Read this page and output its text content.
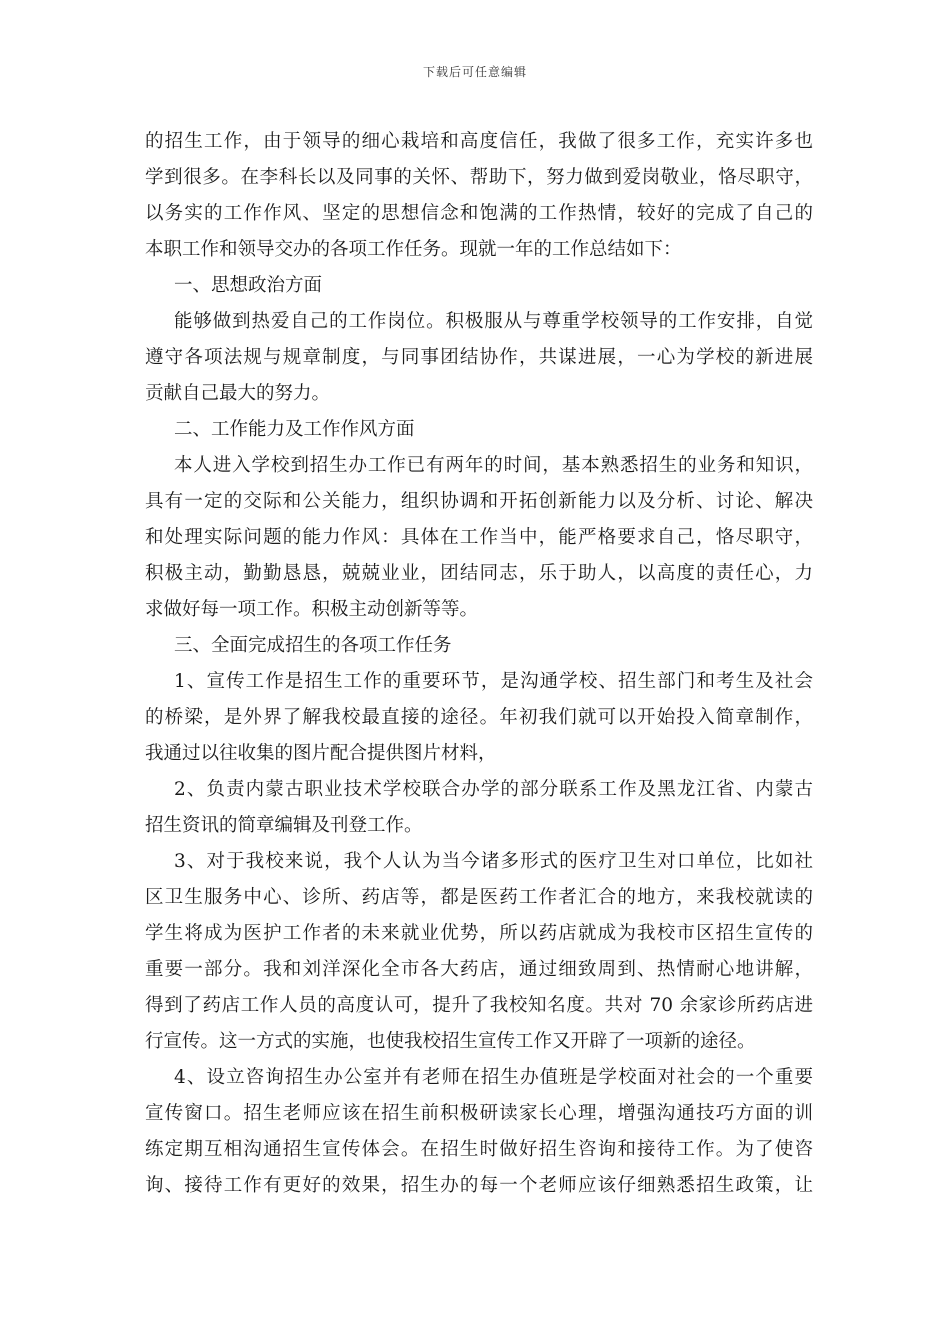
下载后可任意编辑
的招生工作，由于领导的细心栽培和高度信任，我做了很多工作，充实许多也
学到很多。在李科长以及同事的关怀、帮助下，努力做到爱岗敬业，恪尽职守，
以务实的工作作风、坚定的思想信念和饱满的工作热情，较好的完成了自己的
本职工作和领导交办的各项工作任务。现就一年的工作总结如下：
一、思想政治方面
能够做到热爱自己的工作岗位。积极服从与尊重学校领导的工作安排，自觉
遵守各项法规与规章制度，与同事团结协作，共谋进展，一心为学校的新进展
贡献自己最大的努力。
二、工作能力及工作作风方面
本人进入学校到招生办工作已有两年的时间，基本熟悉招生的业务和知识，
具有一定的交际和公关能力，组织协调和开拓创新能力以及分析、讨论、解决
和处理实际问题的能力作风：具体在工作当中，能严格要求自己，恪尽职守，
积极主动，勤勤恳恳，兢兢业业，团结同志，乐于助人，以高度的责任心，力
求做好每一项工作。积极主动创新等等。
三、全面完成招生的各项工作任务
1、宣传工作是招生工作的重要环节，是沟通学校、招生部门和考生及社会
的桥梁，是外界了解我校最直接的途径。年初我们就可以开始投入简章制作，
我通过以往收集的图片配合提供图片材料，
2、负责内蒙古职业技术学校联合办学的部分联系工作及黑龙江省、内蒙古
招生资讯的简章编辑及刊登工作。
3、对于我校来说，我个人认为当今诸多形式的医疗卫生对口单位，比如社
区卫生服务中心、诊所、药店等，都是医药工作者汇合的地方，来我校就读的
学生将成为医护工作者的未来就业优势，所以药店就成为我校市区招生宣传的
重要一部分。我和刘洋深化全市各大药店，通过细致周到、热情耐心地讲解，
得到了药店工作人员的高度认可，提升了我校知名度。共对 70 余家诊所药店进
行宣传。这一方式的实施，也使我校招生宣传工作又开辟了一项新的途径。
4、设立咨询招生办公室并有老师在招生办值班是学校面对社会的一个重要
宣传窗口。招生老师应该在招生前积极研读家长心理，增强沟通技巧方面的训
练定期互相沟通招生宣传体会。在招生时做好招生咨询和接待工作。为了使咨
询、接待工作有更好的效果，招生办的每一个老师应该仔细熟悉招生政策，让
